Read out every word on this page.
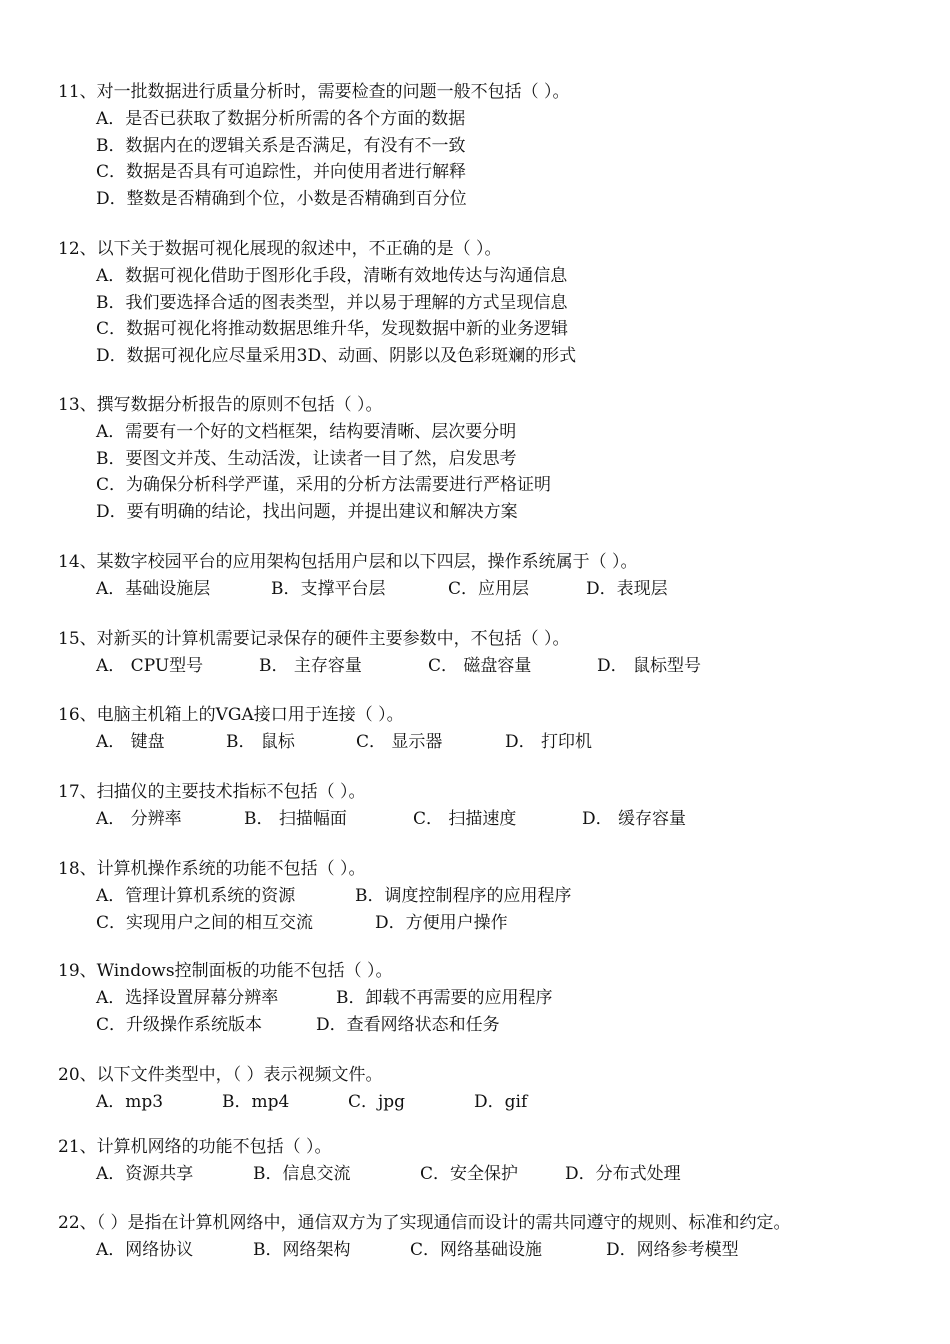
11、对一批数据进行质量分析时，需要检查的问题一般不包括（ ）。
A．是否已获取了数据分析所需的各个方面的数据
B．数据内在的逻辑关系是否满足，有没有不一致
C．数据是否具有可追踪性，并向使用者进行解释
D．整数是否精确到个位，小数是否精确到百分位
12、以下关于数据可视化展现的叙述中，不正确的是（ ）。
A．数据可视化借助于图形化手段，清晰有效地传达与沟通信息
B．我们要选择合适的图表类型，并以易于理解的方式呈现信息
C．数据可视化将推动数据思维升华，发现数据中新的业务逻辑
D．数据可视化应尽量采用3D、动画、阴影以及色彩斑斓的形式
13、撰写数据分析报告的原则不包括（ ）。
A．需要有一个好的文档框架，结构要清晰、层次要分明
B．要图文并茂、生动活泼，让读者一目了然，启发思考
C．为确保分析科学严谨，采用的分析方法需要进行严格证明
D．要有明确的结论，找出问题，并提出建议和解决方案
14、某数字校园平台的应用架构包括用户层和以下四层，操作系统属于（ ）。
A．基础设施层	B．支撑平台层	C．应用层	D．表现层
15、对新买的计算机需要记录保存的硬件主要参数中，不包括（ ）。
A． CPU型号	B． 主存容量	C． 磁盘容量	D． 鼠标型号
16、电脑主机箱上的VGA接口用于连接（ ）。
A． 键盘	B． 鼠标	C． 显示器	D． 打印机
17、扫描仪的主要技术指标不包括（ ）。
A． 分辨率	B． 扫描幅面	C． 扫描速度	D． 缓存容量
18、计算机操作系统的功能不包括（ ）。
A．管理计算机系统的资源	B．调度控制程序的应用程序
C．实现用户之间的相互交流	D．方便用户操作
19、Windows控制面板的功能不包括（ ）。
A．选择设置屏幕分辨率	B．卸载不再需要的应用程序
C．升级操作系统版本	D．查看网络状态和任务
20、以下文件类型中，（ ）表示视频文件。
A．mp3	B．mp4	C．jpg	D．gif
21、计算机网络的功能不包括（ ）。
A．资源共享	B．信息交流	C．安全保护	D．分布式处理
22、（ ）是指在计算机网络中，通信双方为了实现通信而设计的需共同遵守的规则、标准和约定。
A．网络协议	B．网络架构	C．网络基础设施	D．网络参考模型
